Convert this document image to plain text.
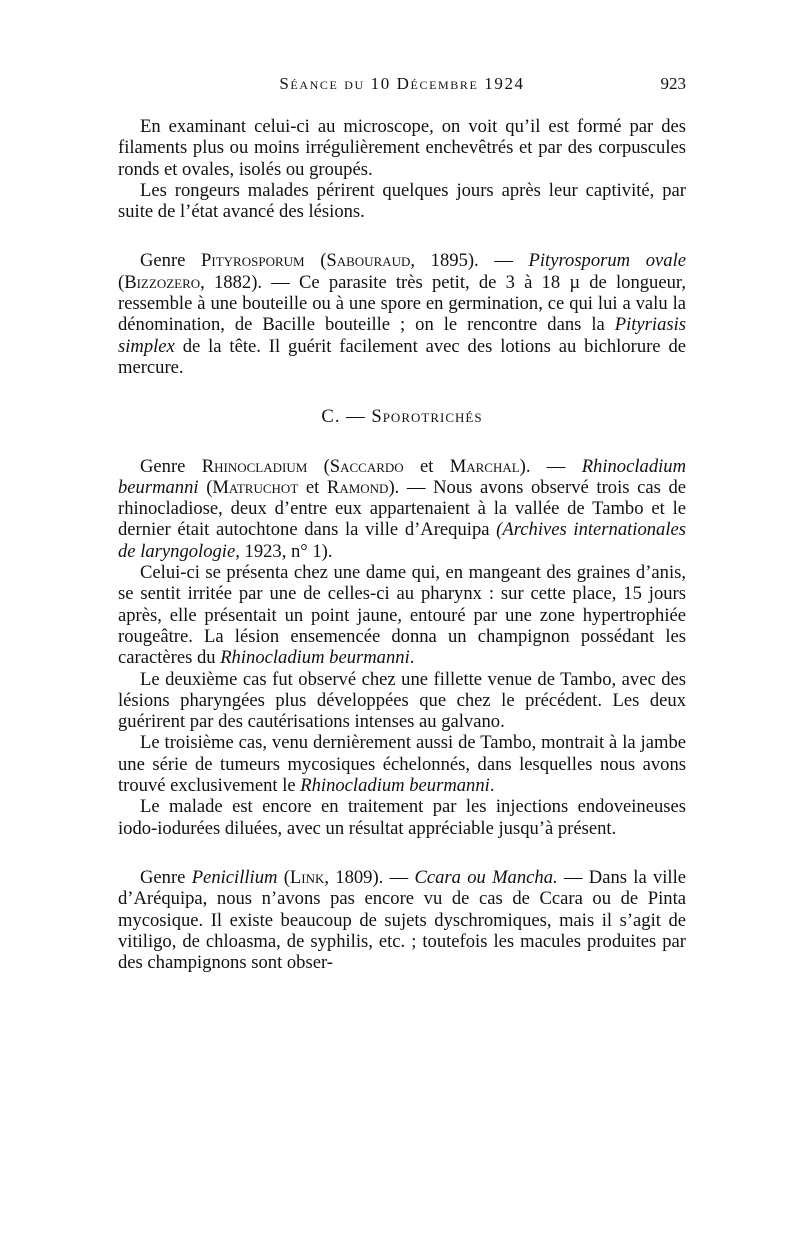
Séance du 10 Décembre 1924	923

En examinant celui-ci au microscope, on voit qu’il est formé par des filaments plus ou moins irrégulièrement enchevêtrés et par des corpuscules ronds et ovales, isolés ou groupés.

Les rongeurs malades périrent quelques jours après leur captivité, par suite de l’état avancé des lésions.

Genre Pityrosporum (Sabouraud, 1895). — Pityrosporum ovale (Bizzozero, 1882). — Ce parasite très petit, de 3 à 18 µ de longueur, ressemble à une bouteille ou à une spore en germination, ce qui lui a valu la dénomination, de Bacille bouteille ; on le rencontre dans la Pityriasis simplex de la tête. Il guérit facilement avec des lotions au bichlorure de mercure.

C. — Sporotrichés

Genre Rhinocladium (Saccardo et Marchal). — Rhinocladium beurmanni (Matruchot et Ramond). — Nous avons observé trois cas de rhinocladiose, deux d’entre eux appartenaient à la vallée de Tambo et le dernier était autochtone dans la ville d’Arequipa (Archives internationales de laryngologie, 1923, n° 1).

Celui-ci se présenta chez une dame qui, en mangeant des graines d’anis, se sentit irritée par une de celles-ci au pharynx : sur cette place, 15 jours après, elle présentait un point jaune, entouré par une zone hypertrophiée rougeâtre. La lésion ensemencée donna un champignon possédant les caractères du Rhinocladium beurmanni.

Le deuxième cas fut observé chez une fillette venue de Tambo, avec des lésions pharyngées plus développées que chez le précédent. Les deux guérirent par des cautérisations intenses au galvano.

Le troisième cas, venu dernièrement aussi de Tambo, montrait à la jambe une série de tumeurs mycosiques échelonnés, dans lesquelles nous avons trouvé exclusivement le Rhinocladium beurmanni.

Le malade est encore en traitement par les injections endoveineuses iodo-iodurées diluées, avec un résultat appréciable jusqu’à présent.

Genre Penicillium (Link, 1809). — Ccara ou Mancha. — Dans la ville d’Aréquipa, nous n’avons pas encore vu de cas de Ccara ou de Pinta mycosique. Il existe beaucoup de sujets dyschromiques, mais il s’agit de vitiligo, de chloasma, de syphilis, etc. ; toutefois les macules produites par des champignons sont obser-
